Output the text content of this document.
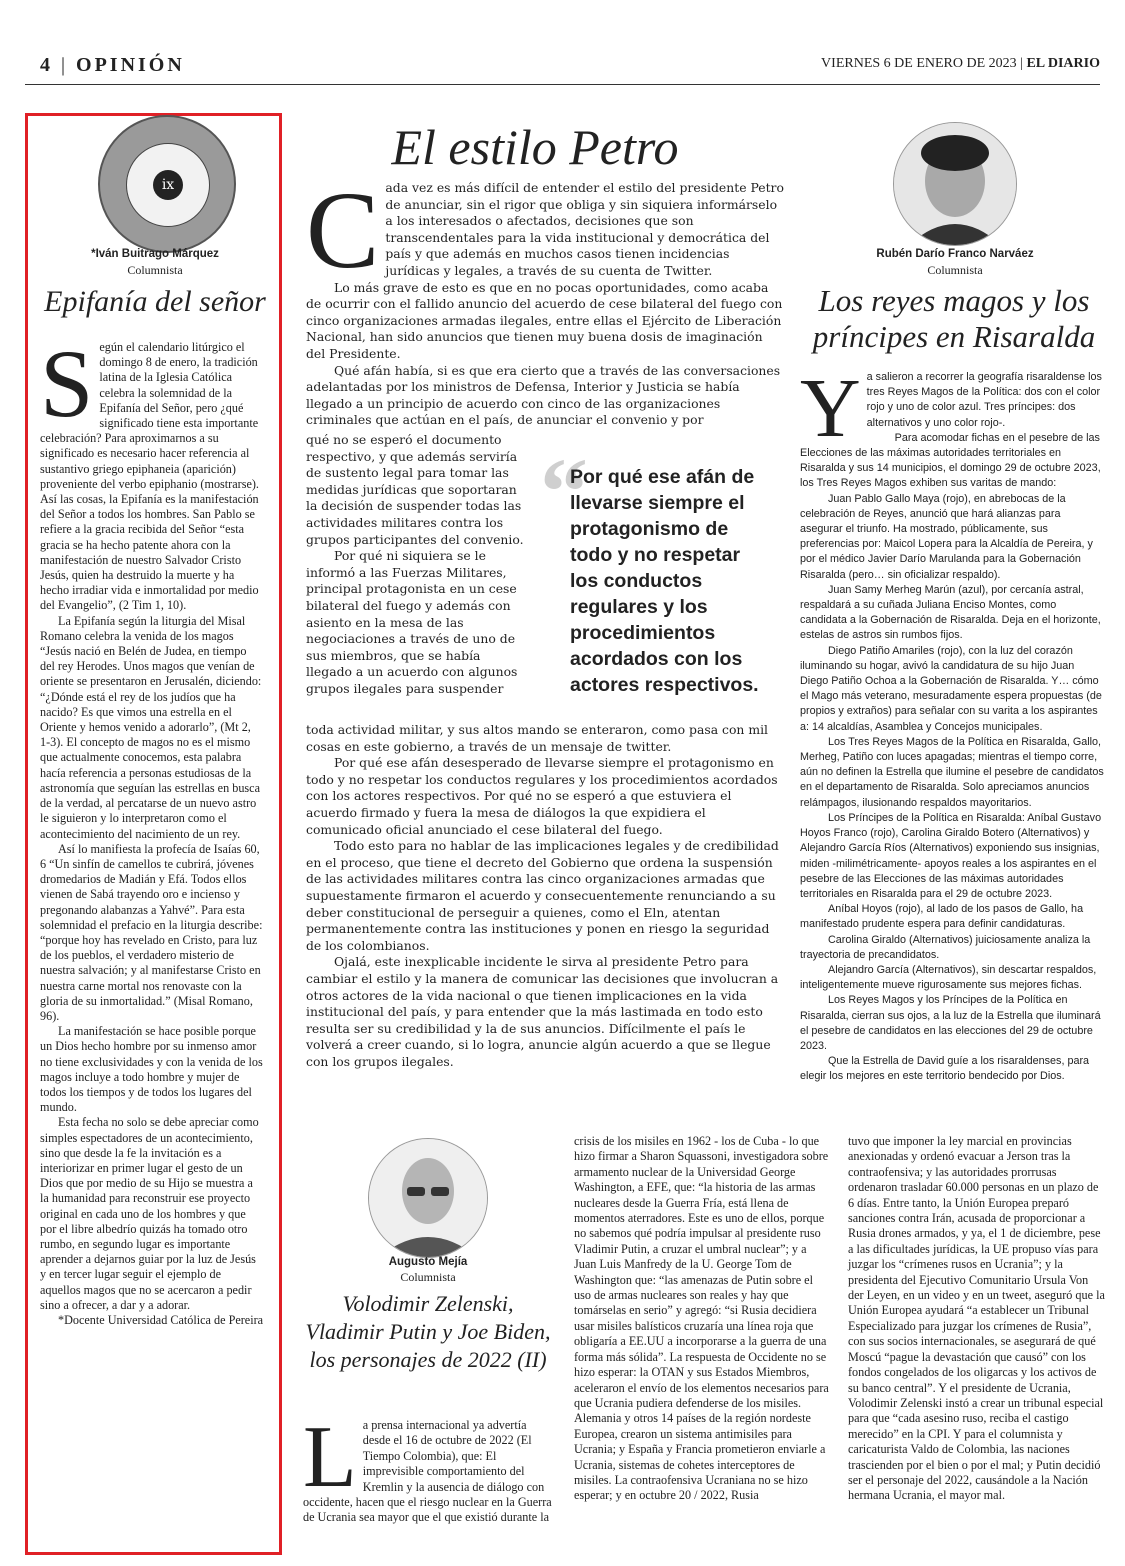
4 | OPINIÓN	VIERNES 6 DE ENERO DE 2023 | EL DIARIO
ix
*Iván Buitrago Márquez
Columnista
Epifanía del señor
S egún el calendario litúrgico el domingo 8 de enero, la tradición latina de la Iglesia Católica celebra la solemnidad de la Epifanía del Señor, pero ¿qué significado tiene esta importante celebración? Para aproximarnos a su significado es necesario hacer referencia al sustantivo griego epiphaneia (aparición) proveniente del verbo epiphanio (mostrarse). Así las cosas, la Epifanía es la manifestación del Señor a todos los hombres. San Pablo se refiere a la gracia recibida del Señor “esta gracia se ha hecho patente ahora con la manifestación de nuestro Salvador Cristo Jesús, quien ha destruido la muerte y ha hecho irradiar vida e inmortalidad por medio del Evangelio”, (2 Tim 1, 10).

La Epifanía según la liturgia del Misal Romano celebra la venida de los magos “Jesús nació en Belén de Judea, en tiempo del rey Herodes. Unos magos que venían de oriente se presentaron en Jerusalén, diciendo: “¿Dónde está el rey de los judíos que ha nacido? Es que vimos una estrella en el Oriente y hemos venido a adorarlo”, (Mt 2, 1-3). El concepto de magos no es el mismo que actualmente conocemos, esta palabra hacía referencia a personas estudiosas de la astronomía que seguían las estrellas en busca de la verdad, al percatarse de un nuevo astro le siguieron y lo interpretaron como el acontecimiento del nacimiento de un rey.

Así lo manifiesta la profecía de Isaías 60, 6 “Un sinfín de camellos te cubrirá, jóvenes dromedarios de Madián y Efá. Todos ellos vienen de Sabá trayendo oro e incienso y pregonando alabanzas a Yahvé”. Para esta solemnidad el prefacio en la liturgia describe: “porque hoy has revelado en Cristo, para luz de los pueblos, el verdadero misterio de nuestra salvación; y al manifestarse Cristo en nuestra carne mortal nos renovaste con la gloria de su inmortalidad.” (Misal Romano, 96).

La manifestación se hace posible porque un Dios hecho hombre por su inmenso amor no tiene exclusividades y con la venida de los magos incluye a todo hombre y mujer de todos los tiempos y de todos los lugares del mundo.

Esta fecha no solo se debe apreciar como simples espectadores de un acontecimiento, sino que desde la fe la invitación es a interiorizar en primer lugar el gesto de un Dios que por medio de su Hijo se muestra a la humanidad para reconstruir ese proyecto original en cada uno de los hombres y que por el libre albedrío quizás ha tomado otro rumbo, en segundo lugar es importante aprender a dejarnos guiar por la luz de Jesús y en tercer lugar seguir el ejemplo de aquellos magos que no se acercaron a pedir sino a ofrecer, a dar y a adorar.

*Docente Universidad Católica de Pereira

El estilo Petro
C ada vez es más difícil de entender el estilo del presidente Petro de anunciar, sin el rigor que obliga y sin siquiera informárselo a los interesados o afectados, decisiones que son transcendentales para la vida institucional y democrática del país y que además en muchos casos tienen incidencias jurídicas y legales, a través de su cuenta de Twitter.

Lo más grave de esto es que en no pocas oportunidades, como acaba de ocurrir con el fallido anuncio del acuerdo de cese bilateral del fuego con cinco organizaciones armadas ilegales, entre ellas el Ejército de Liberación Nacional, han sido anuncios que tienen muy buena dosis de imaginación del Presidente.

Qué afán había, si es que era cierto que a través de las conversaciones adelantadas por los ministros de Defensa, Interior y Justicia se había llegado a un principio de acuerdo con cinco de las organizaciones criminales que actúan en el país, de anunciar el convenio y por

qué no se esperó el documento respectivo, y que además serviría de sustento legal para tomar las medidas jurídicas que soportaran la decisión de suspender todas las actividades militares contra los grupos participantes del convenio.

Por qué ni siquiera se le informó a las Fuerzas Militares, principal protagonista en un cese bilateral del fuego y además con asiento en la mesa de las negociaciones a través de uno de sus miembros, que se había llegado a un acuerdo con algunos grupos ilegales para suspender

“
Por qué ese afán de llevarse siempre el protagonismo de todo y no respetar los conductos regulares y los procedimientos acordados con los actores respectivos.

toda actividad militar, y sus altos mando se enteraron, como pasa con mil cosas en este gobierno, a través de un mensaje de twitter.

Por qué ese afán desesperado de llevarse siempre el protagonismo en todo y no respetar los conductos regulares y los procedimientos acordados con los actores respectivos. Por qué no se esperó a que estuviera el acuerdo firmado y fuera la mesa de diálogos la que expidiera el comunicado oficial anunciado el cese bilateral del fuego.

Todo esto para no hablar de las implicaciones legales y de credibilidad en el proceso, que tiene el decreto del Gobierno que ordena la suspensión de las actividades militares contra las cinco organizaciones armadas que supuestamente firmaron el acuerdo y consecuentemente renunciando a su deber constitucional de perseguir a quienes, como el Eln, atentan permanentemente contra las instituciones y ponen en riesgo la seguridad de los colombianos.

Ojalá, este inexplicable incidente le sirva al presidente Petro para cambiar el estilo y la manera de comunicar las decisiones que involucran a otros actores de la vida nacional o que tienen implicaciones en la vida institucional del país, y para entender que la más lastimada en todo esto resulta ser su credibilidad y la de sus anuncios. Difícilmente el país le volverá a creer cuando, si lo logra, anuncie algún acuerdo a que se llegue con los grupos ilegales.

Rubén Darío Franco Narváez
Columnista
Los reyes magos y los príncipes en Risaralda
Y a salieron a recorrer la geografía risaraldense los tres Reyes Magos de la Política: dos con el color rojo y uno de color azul. Tres príncipes: dos alternativos y uno color rojo-.

Para acomodar fichas en el pesebre de las Elecciones de las máximas autoridades territoriales en Risaralda y sus 14 municipios, el domingo 29 de octubre 2023, los Tres Reyes Magos exhiben sus varitas de mando:

Juan Pablo Gallo Maya (rojo), en abrebocas de la celebración de Reyes, anunció que hará alianzas para asegurar el triunfo. Ha mostrado, públicamente, sus preferencias por: Maicol Lopera para la Alcaldía de Pereira, y por el médico Javier Darío Marulanda para la Gobernación Risaralda (pero… sin oficializar respaldo).

Juan Samy Merheg Marún (azul), por cercanía astral, respaldará a su cuñada Juliana Enciso Montes, como candidata a la Gobernación de Risaralda. Deja en el horizonte, estelas de astros sin rumbos fijos.

Diego Patiño Amariles (rojo), con la luz del corazón iluminando su hogar, avivó la candidatura de su hijo Juan Diego Patiño Ochoa a la Gobernación de Risaralda. Y… cómo el Mago más veterano, mesuradamente espera propuestas (de propios y extraños) para señalar con su varita a los aspirantes a: 14 alcaldías, Asamblea y Concejos municipales.

Los Tres Reyes Magos de la Política en Risaralda, Gallo, Merheg, Patiño con luces apagadas; mientras el tiempo corre, aún no definen la Estrella que ilumine el pesebre de candidatos en el departamento de Risaralda. Solo apreciamos anuncios relámpagos, ilusionando respaldos mayoritarios.

Los Príncipes de la Política en Risaralda: Aníbal Gustavo Hoyos Franco (rojo), Carolina Giraldo Botero (Alternativos) y Alejandro García Ríos (Alternativos) exponiendo sus insignias, miden -milimétricamente- apoyos reales a los aspirantes en el pesebre de las Elecciones de las máximas autoridades territoriales en Risaralda para el 29 de octubre 2023.

Aníbal Hoyos (rojo), al lado de los pasos de Gallo, ha manifestado prudente espera para definir candidaturas.

Carolina Giraldo (Alternativos) juiciosamente analiza la trayectoria de precandidatos.

Alejandro García (Alternativos), sin descartar respaldos, inteligentemente mueve rigurosamente sus mejores fichas.

Los Reyes Magos y los Príncipes de la Política en Risaralda, cierran sus ojos, a la luz de la Estrella que iluminará el pesebre de candidatos en las elecciones del 29 de octubre 2023.

Que la Estrella de David guíe a los risaraldenses, para elegir los mejores en este territorio bendecido por Dios.

Augusto Mejía
Columnista
Volodimir Zelenski,
Vladimir Putin y Joe Biden,
los personajes de 2022 (II)
L a prensa internacional ya advertía desde el 16 de octubre de 2022 (El Tiempo Colombia), que: El imprevisible comportamiento del Kremlin y la ausencia de diálogo con occidente, hacen que el riesgo nuclear en la Guerra de Ucrania sea mayor que el que existió durante la
crisis de los misiles en 1962 - los de Cuba - lo que hizo firmar a Sharon Squassoni, investigadora sobre armamento nuclear de la Universidad George Washington, a EFE, que: “la historia de las armas nucleares desde la Guerra Fría, está llena de momentos aterradores. Este es uno de ellos, porque no sabemos qué podría impulsar al presidente ruso Vladimir Putin, a cruzar el umbral nuclear”; y a Juan Luis Manfredy de la U. George Tom de Washington que: “las amenazas de Putin sobre el uso de armas nucleares son reales y hay que tomárselas en serio” y agregó: “si Rusia decidiera usar misiles balísticos cruzaría una línea roja que obligaría a EE.UU a incorporarse a la guerra de una forma más sólida”. La respuesta de Occidente no se hizo esperar: la OTAN y sus Estados Miembros, aceleraron el envío de los elementos necesarios para que Ucrania pudiera defenderse de los misiles. Alemania y otros 14 países de la región nordeste Europea, crearon un sistema antimisiles para Ucrania; y España y Francia prometieron enviarle a Ucrania, sistemas de cohetes interceptores de misiles. La contraofensiva Ucraniana no se hizo esperar; y en octubre 20 / 2022, Rusia
tuvo que imponer la ley marcial en provincias anexionadas y ordenó evacuar a Jerson tras la contraofensiva; y las autoridades prorrusas ordenaron trasladar 60.000 personas en un plazo de 6 días. Entre tanto, la Unión Europea preparó sanciones contra Irán, acusada de proporcionar a Rusia drones armados, y ya, el 1 de diciembre, pese a las dificultades jurídicas, la UE propuso vías para juzgar los “crímenes rusos en Ucrania”; y la presidenta del Ejecutivo Comunitario Ursula Von der Leyen, en un video y en un tweet, aseguró que la Unión Europea ayudará “a establecer un Tribunal Especializado para juzgar los crímenes de Rusia”, con sus socios internacionales, se asegurará de qué Moscú “pague la devastación que causó” con los fondos congelados de los oligarcas y los activos de su banco central”. Y el presidente de Ucrania, Volodimir Zelenski instó a crear un tribunal especial para que “cada asesino ruso, reciba el castigo merecido” en la CPI. Y para el columnista y caricaturista Valdo de Colombia, las naciones trascienden por el bien o por el mal; y Putin decidió ser el personaje del 2022, causándole a la Nación hermana Ucrania, el mayor mal.
